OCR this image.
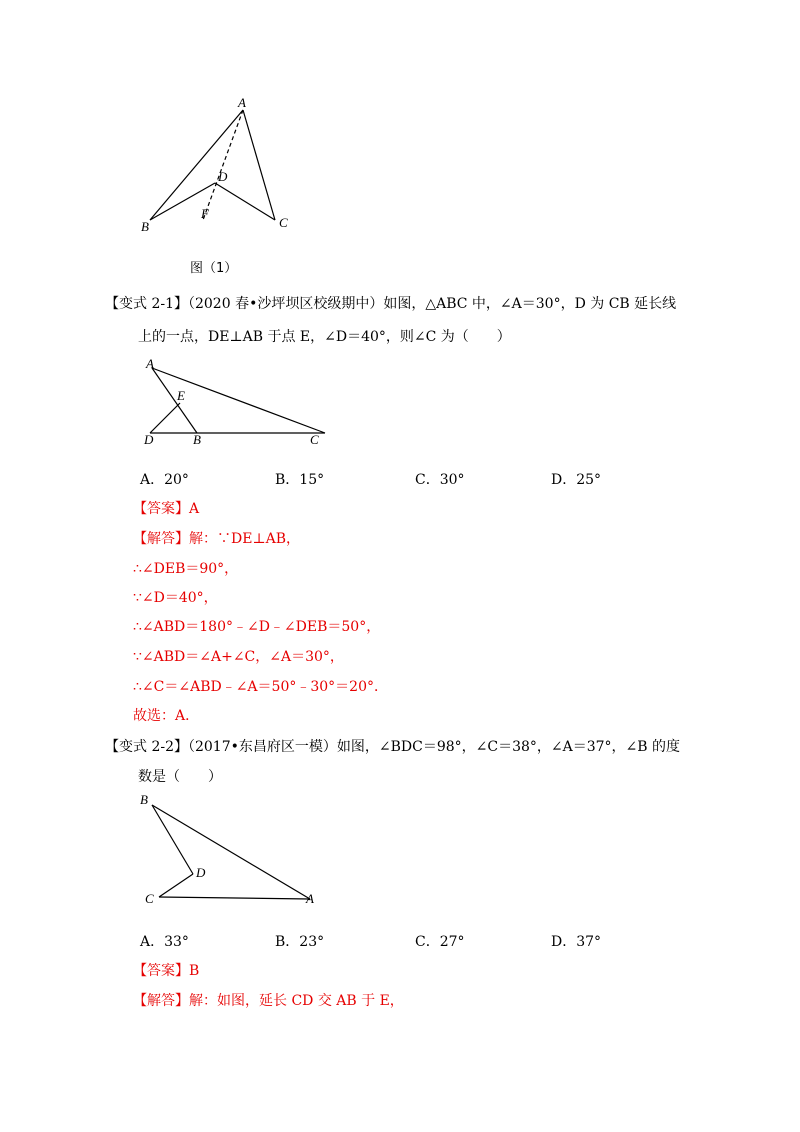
A
B	C
D
F
图（1）
【变式 2-1】（2020 春•沙坪坝区校级期中）如图，△ABC 中，∠A＝30°，D 为 CB 延长线
上的一点，DE⊥AB 于点 E，∠D＝40°，则∠C 为（　　）
A
E
D	B	C
A．20°	B．15°	C．30°	D．25°
【答案】A
【解答】解：∵DE⊥AB，
∴∠DEB＝90°，
∵∠D＝40°，
∴∠ABD＝180°﹣∠D﹣∠DEB＝50°，
∵∠ABD＝∠A+∠C，∠A＝30°，
∴∠C＝∠ABD﹣∠A＝50°﹣30°＝20°．
故选：A．
【变式 2-2】（2017•东昌府区一模）如图，∠BDC＝98°，∠C＝38°，∠A＝37°，∠B 的度
数是（　　）
B
D
C	A
A．33°	B．23°	C．27°	D．37°
【答案】B
【解答】解：如图，延长 CD 交 AB 于 E，
